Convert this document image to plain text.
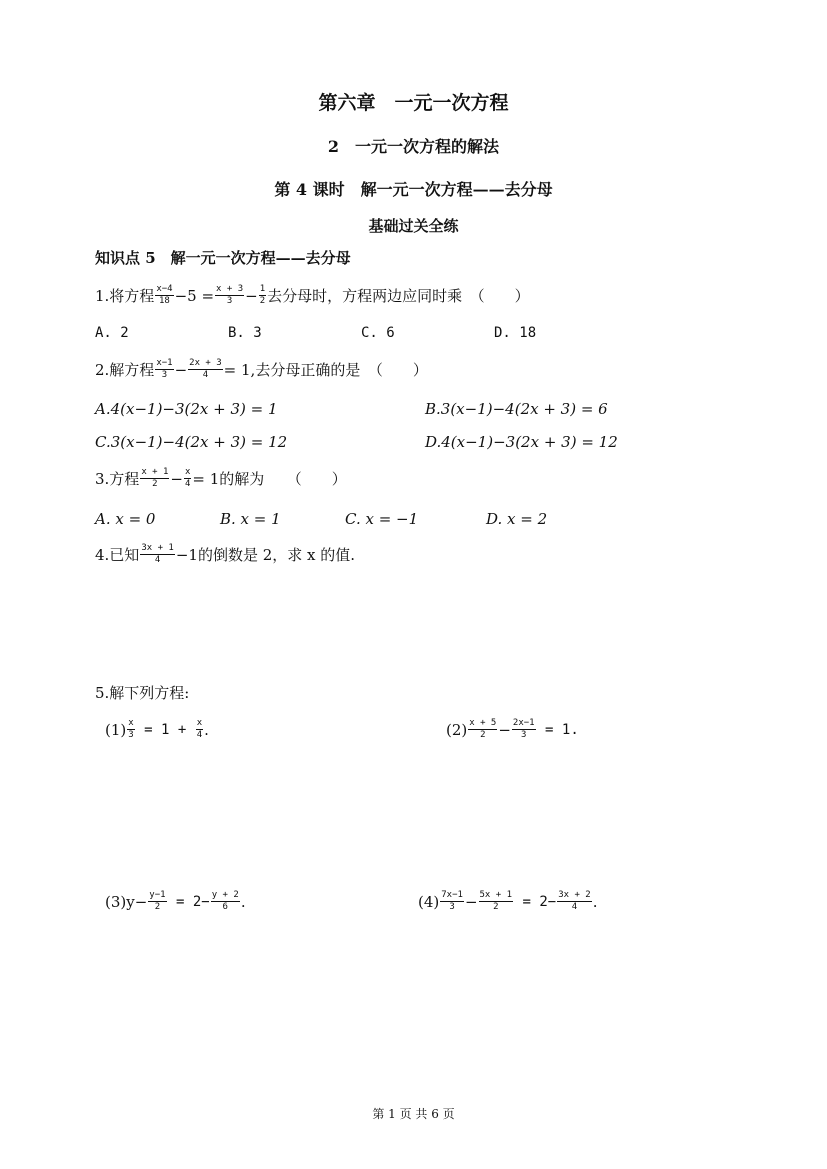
第六章　一元一次方程
2　一元一次方程的解法
第 4 课时　解一元一次方程——去分母
基础过关全练
知识点 5　解一元一次方程——去分母
1.将方程 $\frac{x-4}{18} -5 = \frac{x + 3}{3} - \frac{1}{2}$ 去分母时，方程两边应同时乘　（　　）
A. 2	B. 3	C. 6	D. 18
2.解方程 $\frac{x-1}{3} - \frac{2x + 3}{4} = 1$,去分母正确的是　（　　）
A.4(x−1)−3(2x + 3) = 1	B.3(x−1)−4(2x + 3) = 6
C.3(x−1)−4(2x + 3) = 12	D.4(x−1)−3(2x + 3) = 12
3.方程 $\frac{x + 1}{2} - \frac{x}{4} = 1$的解为　　（　　）
A. x = 0	B. x = 1	C. x = −1	D. x = 2
4.已知 $\frac{3x + 1}{4} -1$的倒数是 2，求 x 的值.
5.解下列方程:
$(1) \frac{x}{3} = 1 + \frac{x}{4}$ .	$(2) \frac{x + 5}{2} - \frac{2x-1}{3} = 1$.
$(3)y- \frac{y-1}{2} = 2- \frac{y + 2}{6}$ .	$(4) \frac{7x-1}{3} - \frac{5x + 1}{2} = 2- \frac{3x + 2}{4}$ .
第 1 页 共 6 页
